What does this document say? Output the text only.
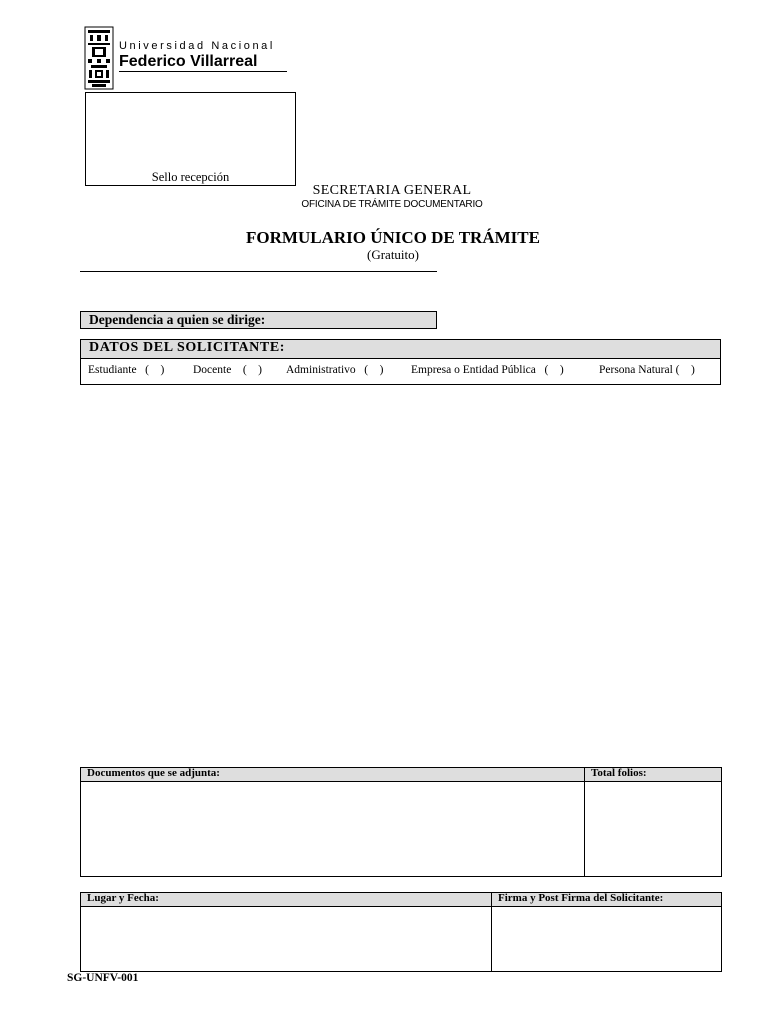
Universidad Nacional
Federico Villarreal
Sello recepción
SECRETARIA GENERAL
OFICINA DE TRÁMITE DOCUMENTARIO
FORMULARIO ÚNICO DE TRÁMITE
(Gratuito)
Dependencia a quien se dirige:
DATOS DEL SOLICITANTE:
Estudiante   (    ) Docente    (    ) Administrativo   (    ) Empresa o Entidad Pública   (    )	Persona Natural (    )
Documentos que se adjunta:	Total folios:
Lugar y Fecha:	Firma y Post Firma del Solicitante:
SG-UNFV-001
